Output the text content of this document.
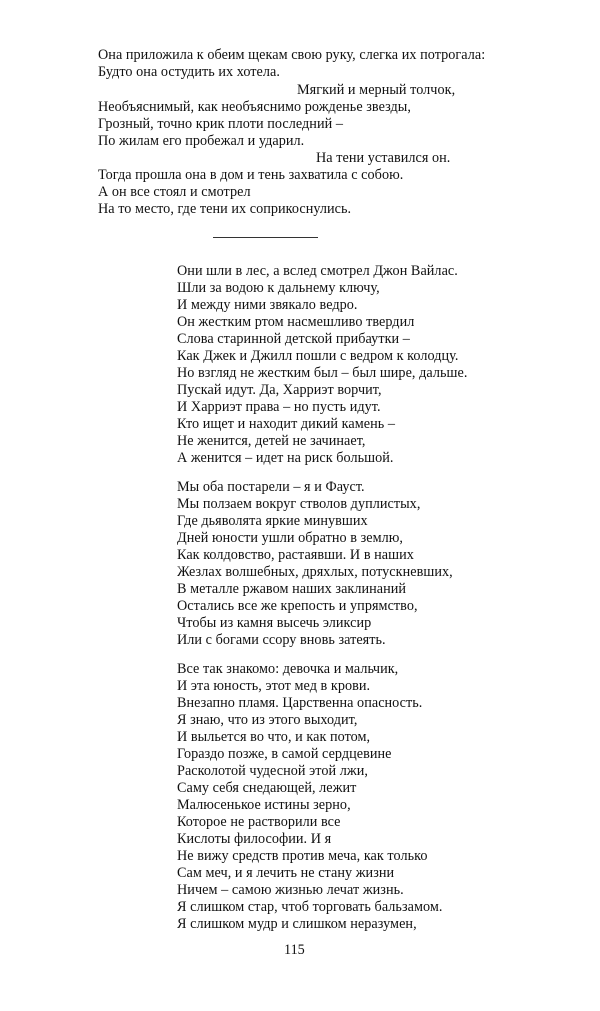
Она приложила к обеим щекам свою руку, слегка их потрогала:
Будто она остудить их хотела.
Мягкий и мерный толчок,
Необъяснимый, как необъяснимо рожденье звезды,
Грозный, точно крик плоти последний –
По жилам его пробежал и ударил.
На тени уставился он.
Тогда прошла она в дом и тень захватила с собою.
А он все стоял и смотрел
На то место, где тени их соприкоснулись.
Они шли в лес, а вслед смотрел Джон Вайлас.
Шли за водою к дальнему ключу,
И между ними звякало ведро.
Он жестким ртом насмешливо твердил
Слова старинной детской прибаутки –
Как Джек и Джилл пошли с ведром к колодцу.
Но взгляд не жестким был – был шире, дальше.
Пускай идут. Да, Харриэт ворчит,
И Харриэт права – но пусть идут.
Кто ищет и находит дикий камень –
Не женится, детей не зачинает,
А женится – идет на риск большой.
Мы оба постарели – я и Фауст.
Мы ползаем вокруг стволов дуплистых,
Где дьяволята яркие минувших
Дней юности ушли обратно в землю,
Как колдовство, растаявши. И в наших
Жезлах волшебных, дряхлых, потускневших,
В металле ржавом наших заклинаний
Остались все же крепость и упрямство,
Чтобы из камня высечь эликсир
Или с богами ссору вновь затеять.
Все так знакомо: девочка и мальчик,
И эта юность, этот мед в крови.
Внезапно пламя. Царственна опасность.
Я знаю, что из этого выходит,
И выльется во что, и как потом,
Гораздо позже, в самой сердцевине
Расколотой чудесной этой лжи,
Саму себя снедающей, лежит
Малюсенькое истины зерно,
Которое не растворили все
Кислоты философии. И я
Не вижу средств против меча, как только
Сам меч, и я лечить не стану жизни
Ничем – самою жизнью лечат жизнь.
Я слишком стар, чтоб торговать бальзамом.
Я слишком мудр и слишком неразумен,
115
